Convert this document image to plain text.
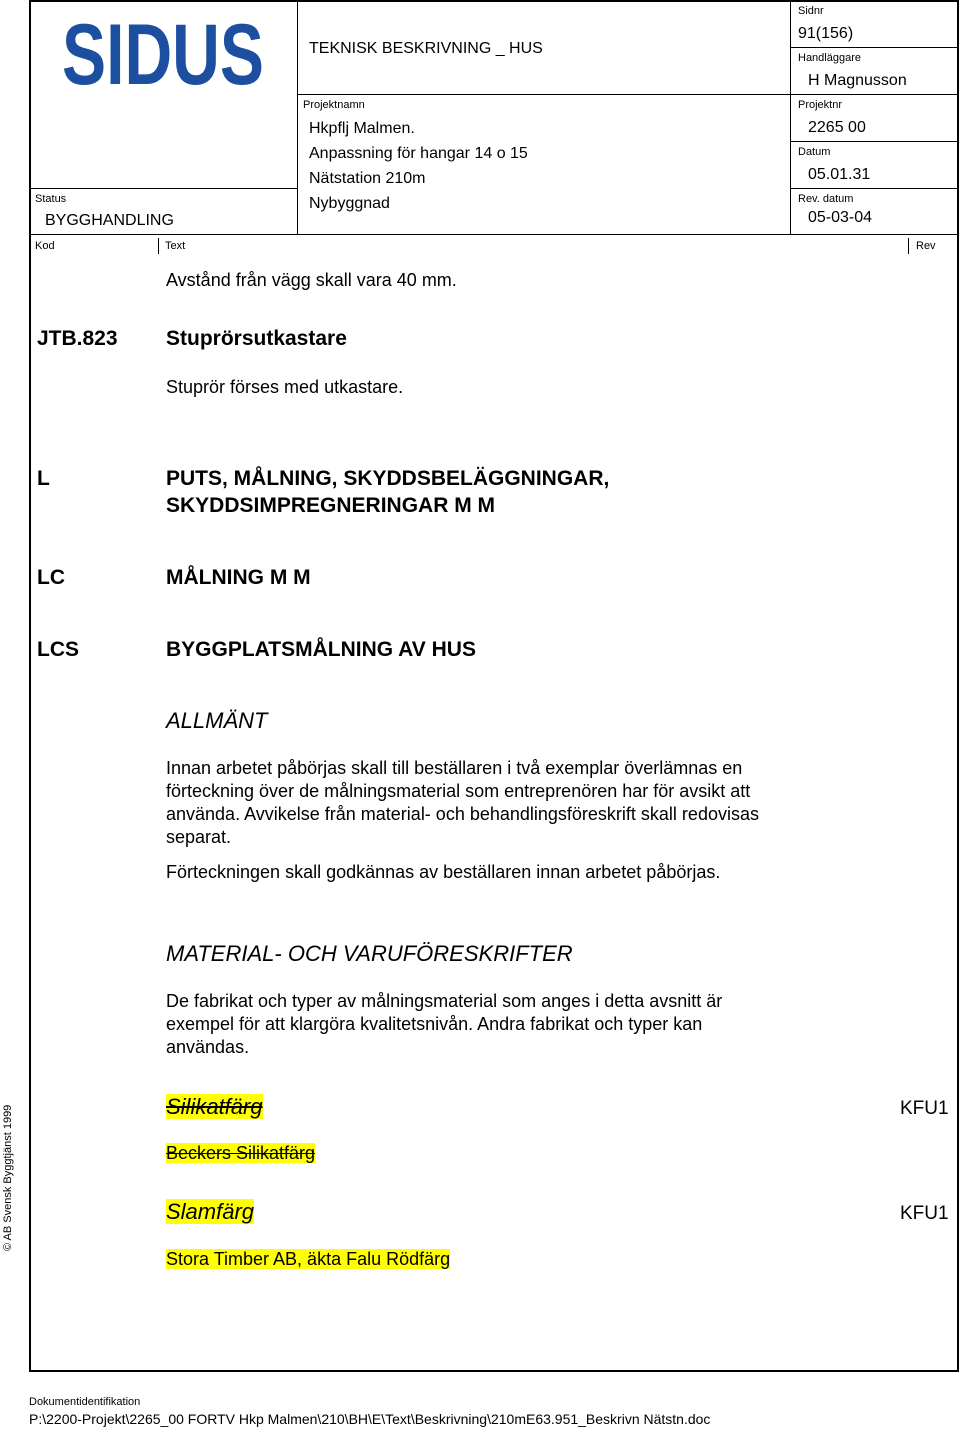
SIDUS	TEKNISK BESKRIVNING _ HUS
Sidnr
91(156)
Handläggare
H Magnusson
Projektnamn
Hkpflj Malmen.
Anpassning för hangar 14 o 15
Nätstation 210m
Nybyggnad
Projektnr
2265 00
Datum
05.01.31
Rev. datum
05-03-04
Status
BYGGHANDLING
Kod	Text	Rev
Avstånd från vägg skall vara 40 mm.
JTB.823 Stuprörsutkastare
Stuprör förses med utkastare.
L	PUTS, MÅLNING, SKYDDSBELÄGGNINGAR,
SKYDDSIMPREGNERINGAR M M
LC	MÅLNING M M
LCS	BYGGPLATSMÅLNING AV HUS
ALLMÄNT
Innan arbetet påbörjas skall till beställaren i två exemplar överlämnas en förteckning över de målningsmaterial som entreprenören har för avsikt att använda. Avvikelse från material- och behandlingsföreskrift skall redovisas separat.
Förteckningen skall godkännas av beställaren innan arbetet påbörjas.
MATERIAL- OCH VARUFÖRESKRIFTER
De fabrikat och typer av målningsmaterial som anges i detta avsnitt är exempel för att klargöra kvalitetsnivån. Andra fabrikat och typer kan användas.
Silikatfärg	KFU1
Beckers Silikatfärg
Slamfärg	KFU1
Stora Timber AB, äkta Falu Rödfärg
© AB Svensk Byggtjänst 1999
Dokumentidentifikation
P:\2200-Projekt\2265_00 FORTV Hkp Malmen\210\BH\E\Text\Beskrivning\210mE63.951_Beskrivn Nätstn.doc
